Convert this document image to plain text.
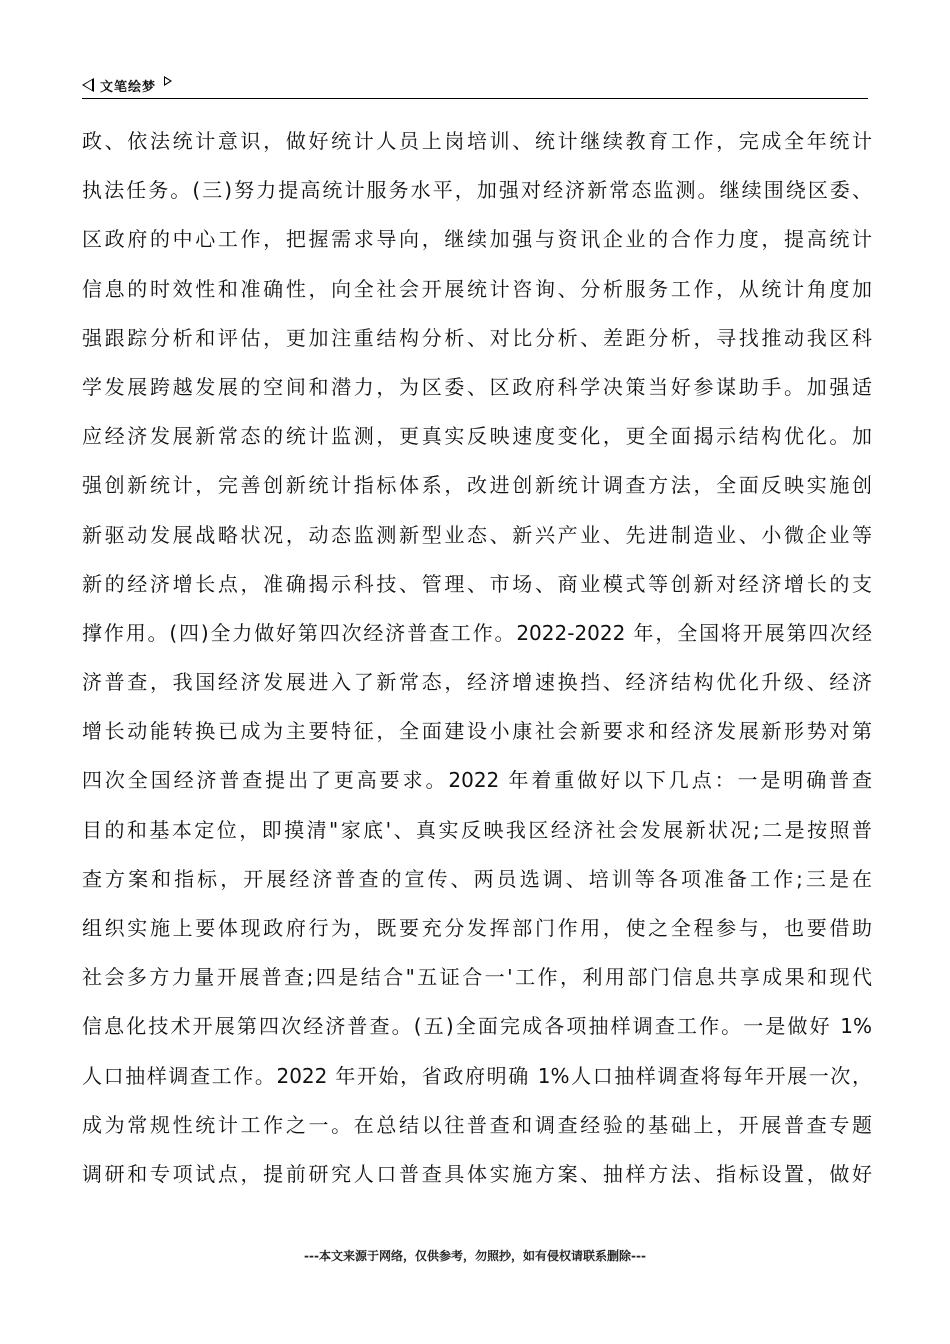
文笔绘梦
政、依法统计意识，做好统计人员上岗培训、统计继续教育工作，完成全年统计
执法任务。(三)努力提高统计服务水平，加强对经济新常态监测。继续围绕区委、
区政府的中心工作，把握需求导向，继续加强与资讯企业的合作力度，提高统计
信息的时效性和准确性，向全社会开展统计咨询、分析服务工作，从统计角度加
强跟踪分析和评估，更加注重结构分析、对比分析、差距分析，寻找推动我区科
学发展跨越发展的空间和潜力，为区委、区政府科学决策当好参谋助手。加强适
应经济发展新常态的统计监测，更真实反映速度变化，更全面揭示结构优化。加
强创新统计，完善创新统计指标体系，改进创新统计调查方法，全面反映实施创
新驱动发展战略状况，动态监测新型业态、新兴产业、先进制造业、小微企业等
新的经济增长点，准确揭示科技、管理、市场、商业模式等创新对经济增长的支
撑作用。(四)全力做好第四次经济普查工作。2022-2022 年，全国将开展第四次经
济普查，我国经济发展进入了新常态，经济增速换挡、经济结构优化升级、经济
增长动能转换已成为主要特征，全面建设小康社会新要求和经济发展新形势对第
四次全国经济普查提出了更高要求。2022 年着重做好以下几点：一是明确普查
目的和基本定位，即摸清"家底'、真实反映我区经济社会发展新状况;二是按照普
查方案和指标，开展经济普查的宣传、两员选调、培训等各项准备工作;三是在
组织实施上要体现政府行为，既要充分发挥部门作用，使之全程参与，也要借助
社会多方力量开展普查;四是结合"五证合一'工作，利用部门信息共享成果和现代
信息化技术开展第四次经济普查。(五)全面完成各项抽样调查工作。一是做好 1%
人口抽样调查工作。2022 年开始，省政府明确 1%人口抽样调查将每年开展一次，
成为常规性统计工作之一。在总结以往普查和调查经验的基础上，开展普查专题
调研和专项试点，提前研究人口普查具体实施方案、抽样方法、指标设置，做好
---本文来源于网络，仅供参考，勿照抄，如有侵权请联系删除---
